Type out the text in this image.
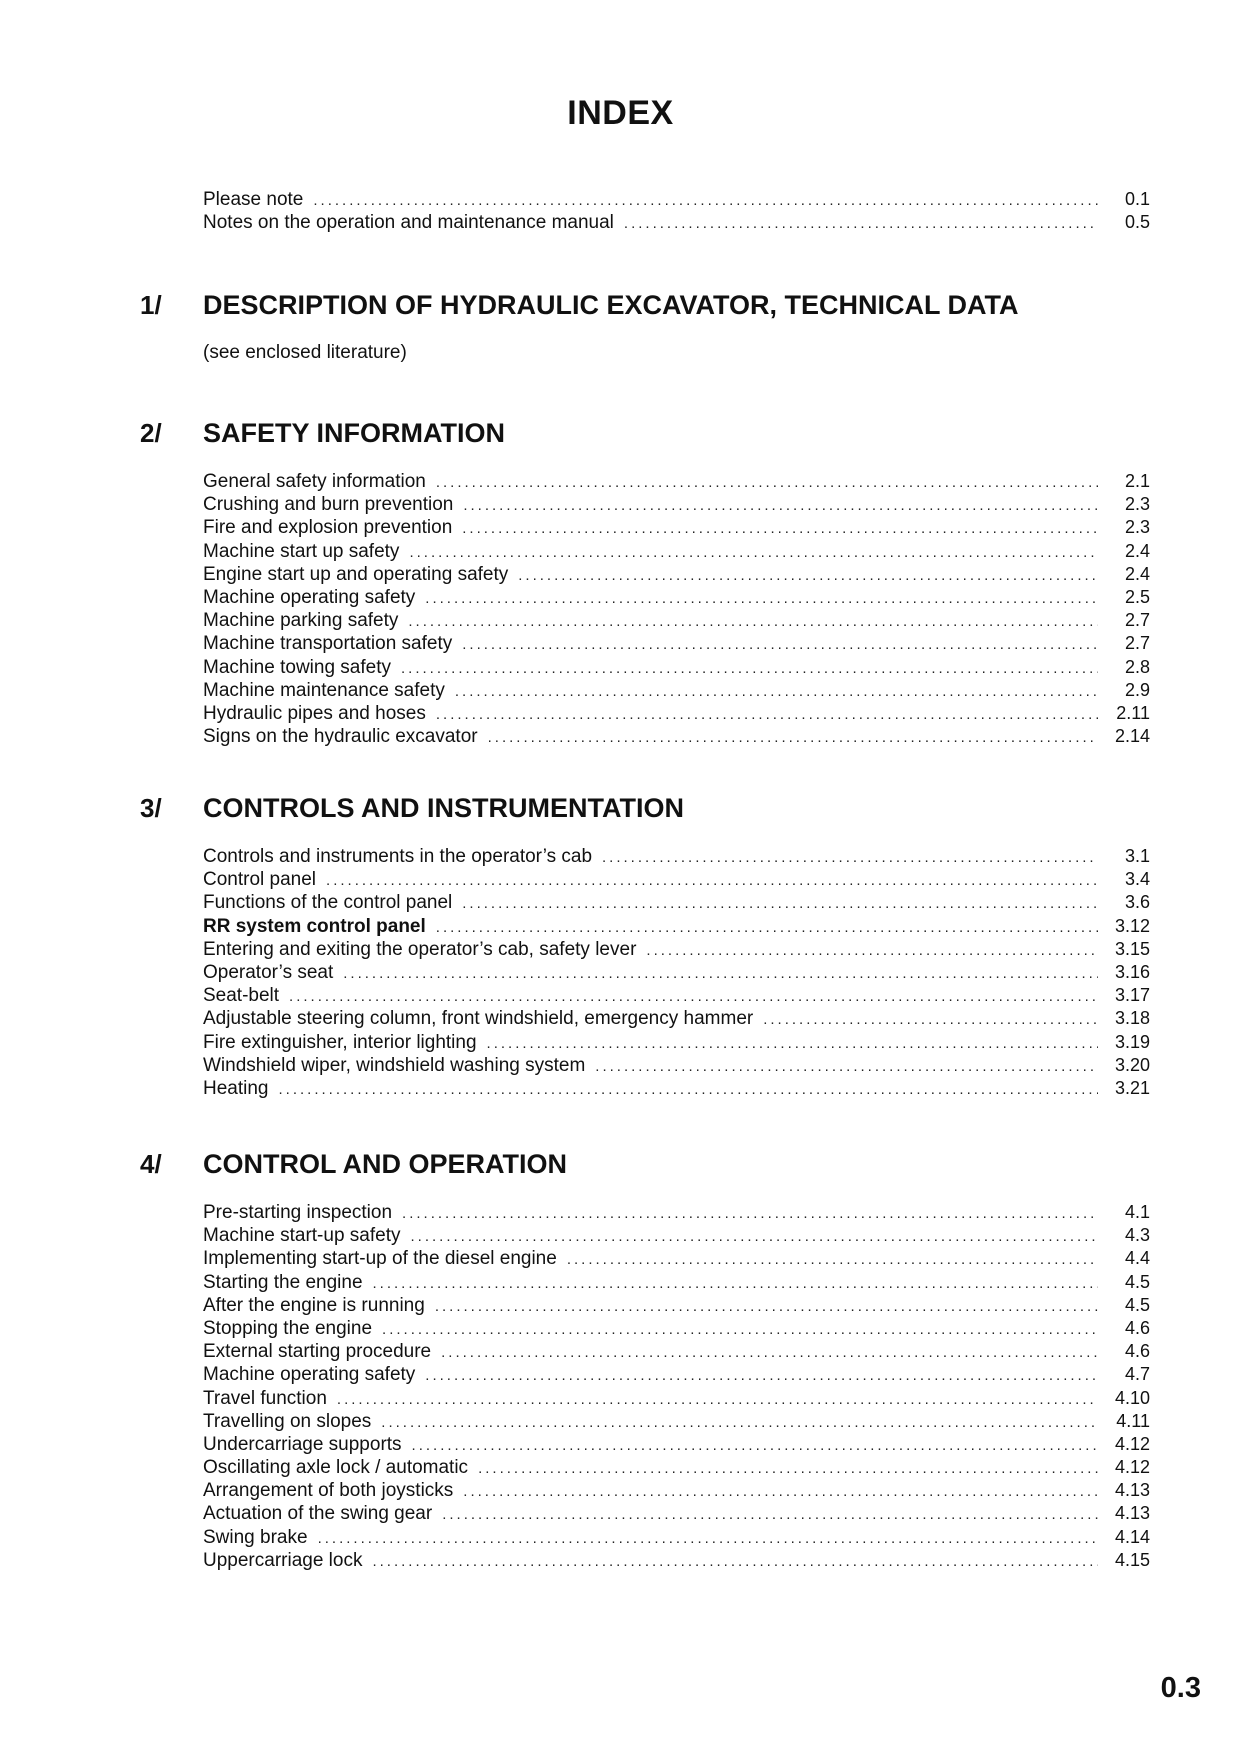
INDEX
Please note .....	0.1
Notes on the operation and maintenance manual .....	0.5
1/	DESCRIPTION OF HYDRAULIC EXCAVATOR, TECHNICAL DATA
(see enclosed literature)
2/	SAFETY INFORMATION
General safety information .....	2.1
Crushing and burn prevention .....	2.3
Fire and explosion prevention .....	2.3
Machine start up safety .....	2.4
Engine start up and operating safety .....	2.4
Machine operating safety .....	2.5
Machine parking safety .....	2.7
Machine transportation safety .....	2.7
Machine towing safety .....	2.8
Machine maintenance safety .....	2.9
Hydraulic pipes and hoses .....	2.11
Signs on the hydraulic excavator .....	2.14
3/	CONTROLS AND INSTRUMENTATION
Controls and instruments in the operator’s cab .....	3.1
Control panel .....	3.4
Functions of the control panel .....	3.6
RR system control panel .....	3.12
Entering and exiting the operator’s cab, safety lever .....	3.15
Operator’s seat .....	3.16
Seat-belt .....	3.17
Adjustable steering column, front windshield, emergency hammer .....	3.18
Fire extinguisher, interior lighting .....	3.19
Windshield wiper, windshield washing system .....	3.20
Heating .....	3.21
4/	CONTROL AND OPERATION
Pre-starting inspection .....	4.1
Machine start-up safety .....	4.3
Implementing start-up of the diesel engine .....	4.4
Starting the engine .....	4.5
After the engine is running .....	4.5
Stopping the engine .....	4.6
External starting procedure .....	4.6
Machine operating safety .....	4.7
Travel function .....	4.10
Travelling on slopes .....	4.11
Undercarriage supports .....	4.12
Oscillating axle lock / automatic .....	4.12
Arrangement of both joysticks .....	4.13
Actuation of the swing gear .....	4.13
Swing brake .....	4.14
Uppercarriage lock .....	4.15
0.3
